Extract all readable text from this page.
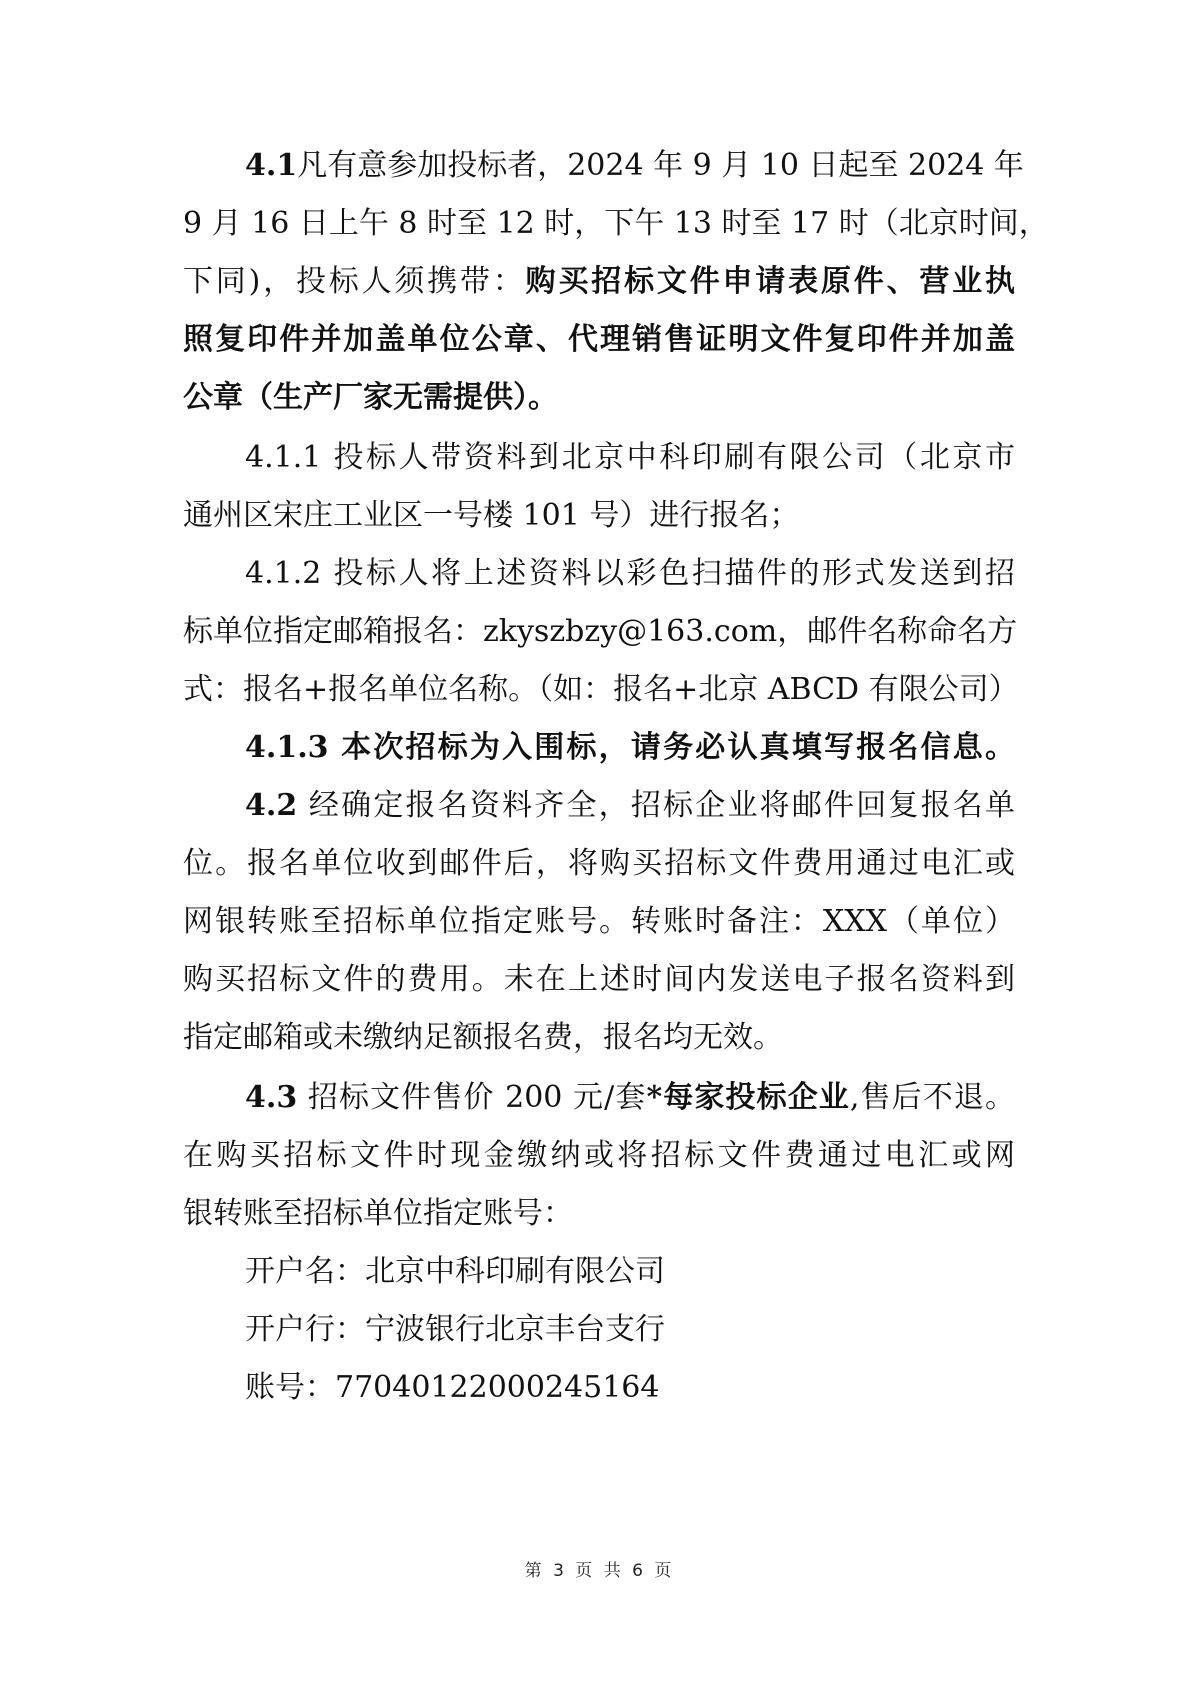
4.1凡有意参加投标者，2024 年 9 月 10 日起至 2024 年
9 月 16 日上午 8 时至 12 时，下午 13 时至 17 时（北京时间，
下同)，投标人须携带：购买招标文件申请表原件、营业执
照复印件并加盖单位公章、代理销售证明文件复印件并加盖
公章（生产厂家无需提供）。
4.1.1 投标人带资料到北京中科印刷有限公司（北京市
通州区宋庄工业区一号楼 101 号）进行报名；
4.1.2 投标人将上述资料以彩色扫描件的形式发送到招
标单位指定邮箱报名：zkyszbzy@163.com，邮件名称命名方
式：报名+报名单位名称。（如：报名+北京 ABCD 有限公司）
4.1.3 本次招标为入围标，请务必认真填写报名信息。
4.2 经确定报名资料齐全，招标企业将邮件回复报名单
位。报名单位收到邮件后，将购买招标文件费用通过电汇或
网银转账至招标单位指定账号。转账时备注：XXX（单位）
购买招标文件的费用。未在上述时间内发送电子报名资料到
指定邮箱或未缴纳足额报名费，报名均无效。
4.3 招标文件售价 200 元/套*每家投标企业,售后不退。
在购买招标文件时现金缴纳或将招标文件费通过电汇或网
银转账至招标单位指定账号：
开户名：北京中科印刷有限公司
开户行：宁波银行北京丰台支行
账号：77040122000245164
第 3 页 共 6 页
